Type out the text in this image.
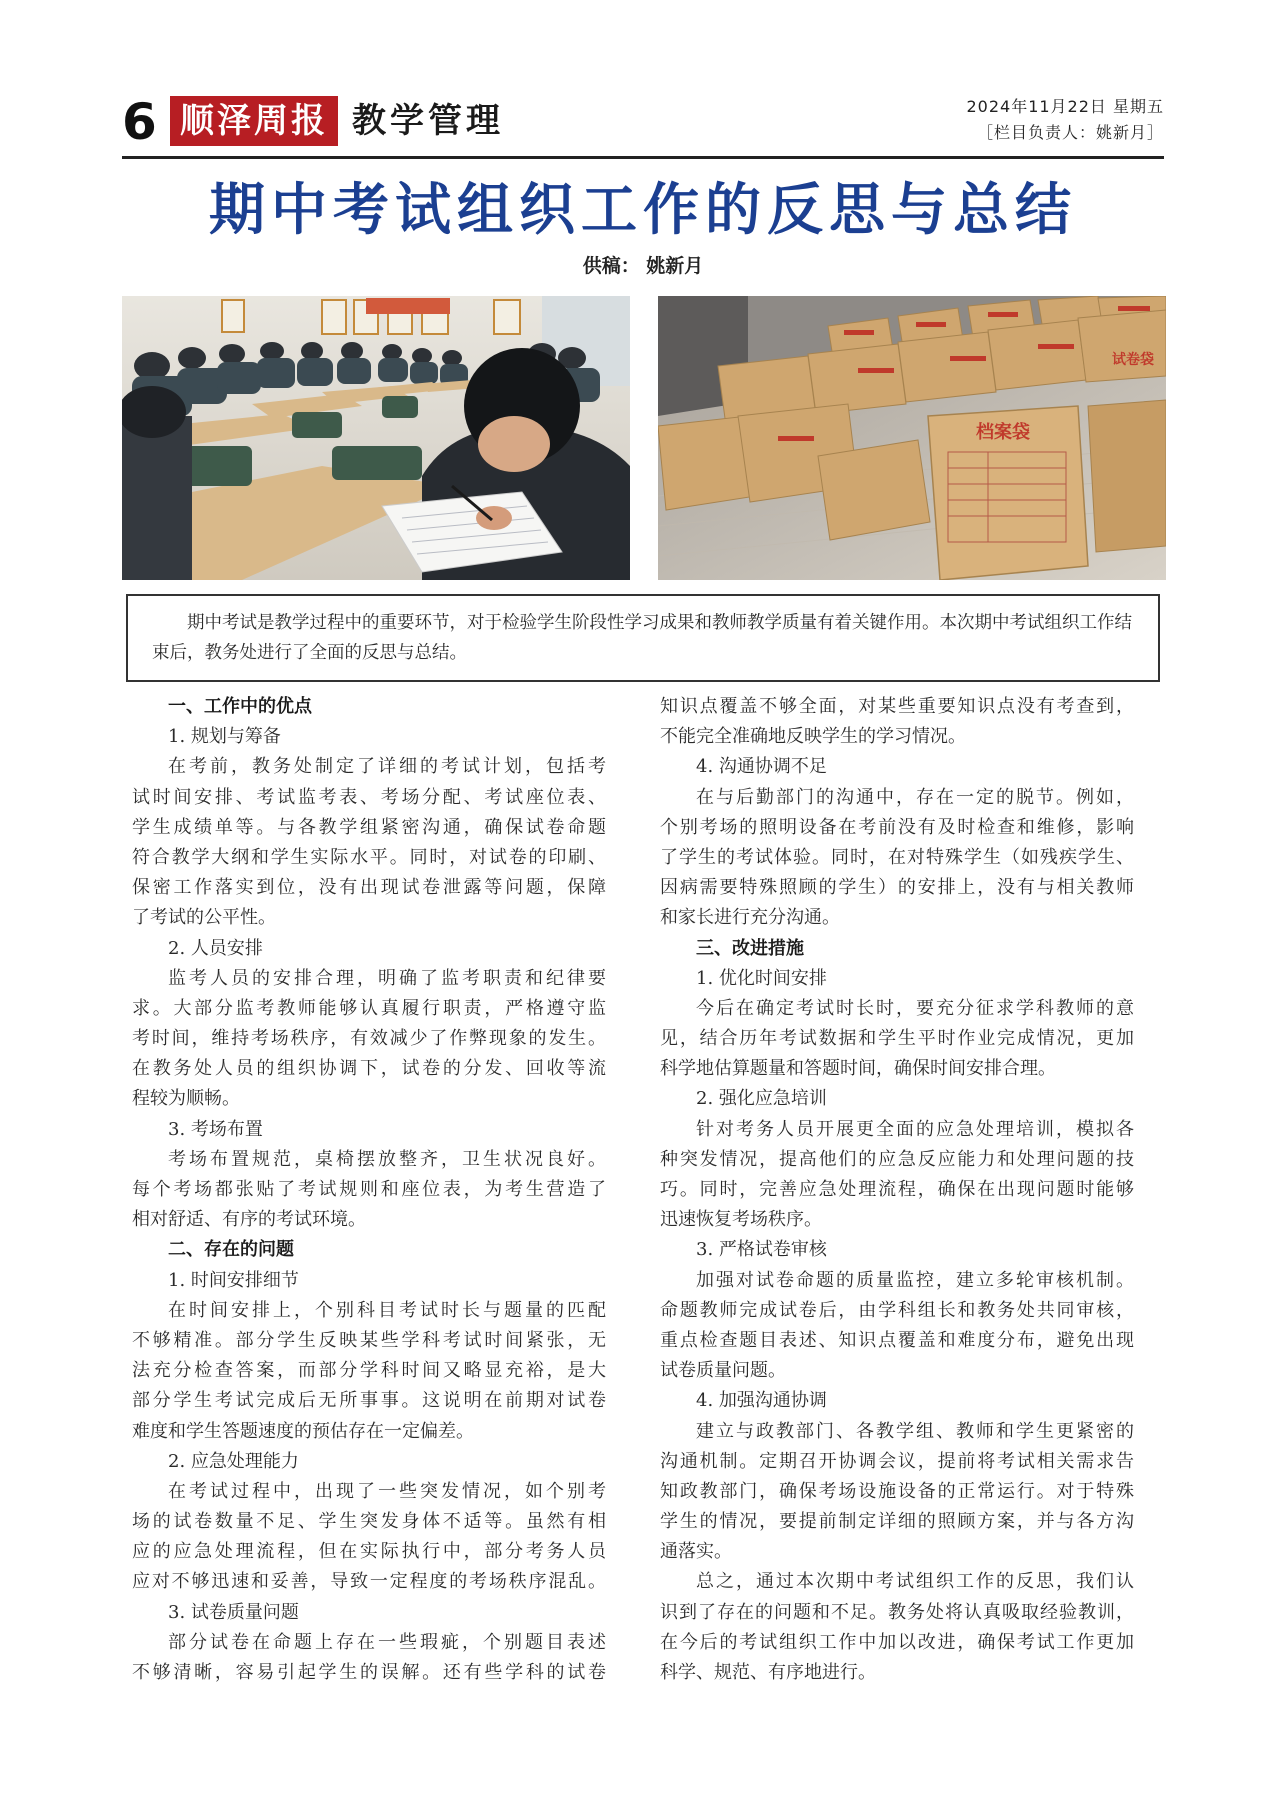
6 顺泽周报 教学管理	2024年11月22日 星期五
［栏目负责人：姚新月］
期中考试组织工作的反思与总结
供稿： 姚新月
档案袋
试卷袋

期中考试是教学过程中的重要环节，对于检验学生阶段性学习成果和教师教学质量有着关键作用。本次期中考试组织工作结束后，教务处进行了全面的反思与总结。

一、工作中的优点
1. 规划与筹备
在考前，教务处制定了详细的考试计划，包括考
试时间安排、考试监考表、考场分配、考试座位表、
学生成绩单等。与各教学组紧密沟通，确保试卷命题
符合教学大纲和学生实际水平。同时，对试卷的印刷、
保密工作落实到位，没有出现试卷泄露等问题，保障
了考试的公平性。
2. 人员安排
监考人员的安排合理，明确了监考职责和纪律要
求。大部分监考教师能够认真履行职责，严格遵守监
考时间，维持考场秩序，有效减少了作弊现象的发生。
在教务处人员的组织协调下，试卷的分发、回收等流
程较为顺畅。
3. 考场布置
考场布置规范，桌椅摆放整齐，卫生状况良好。
每个考场都张贴了考试规则和座位表，为考生营造了
相对舒适、有序的考试环境。
二、存在的问题
1. 时间安排细节
在时间安排上，个别科目考试时长与题量的匹配
不够精准。部分学生反映某些学科考试时间紧张，无
法充分检查答案，而部分学科时间又略显充裕，是大
部分学生考试完成后无所事事。这说明在前期对试卷
难度和学生答题速度的预估存在一定偏差。
2. 应急处理能力
在考试过程中，出现了一些突发情况，如个别考
场的试卷数量不足、学生突发身体不适等。虽然有相
应的应急处理流程，但在实际执行中，部分考务人员
应对不够迅速和妥善，导致一定程度的考场秩序混乱。
3. 试卷质量问题
部分试卷在命题上存在一些瑕疵，个别题目表述
不够清晰，容易引起学生的误解。还有些学科的试卷
知识点覆盖不够全面，对某些重要知识点没有考查到，
不能完全准确地反映学生的学习情况。
4. 沟通协调不足
在与后勤部门的沟通中，存在一定的脱节。例如，
个别考场的照明设备在考前没有及时检查和维修，影响
了学生的考试体验。同时，在对特殊学生（如残疾学生、
因病需要特殊照顾的学生）的安排上，没有与相关教师
和家长进行充分沟通。
三、改进措施
1. 优化时间安排
今后在确定考试时长时，要充分征求学科教师的意
见，结合历年考试数据和学生平时作业完成情况，更加
科学地估算题量和答题时间，确保时间安排合理。
2. 强化应急培训
针对考务人员开展更全面的应急处理培训，模拟各
种突发情况，提高他们的应急反应能力和处理问题的技
巧。同时，完善应急处理流程，确保在出现问题时能够
迅速恢复考场秩序。
3. 严格试卷审核
加强对试卷命题的质量监控，建立多轮审核机制。
命题教师完成试卷后，由学科组长和教务处共同审核，
重点检查题目表述、知识点覆盖和难度分布，避免出现
试卷质量问题。
4. 加强沟通协调
建立与政教部门、各教学组、教师和学生更紧密的
沟通机制。定期召开协调会议，提前将考试相关需求告
知政教部门，确保考场设施设备的正常运行。对于特殊
学生的情况，要提前制定详细的照顾方案，并与各方沟
通落实。
总之，通过本次期中考试组织工作的反思，我们认
识到了存在的问题和不足。教务处将认真吸取经验教训，
在今后的考试组织工作中加以改进，确保考试工作更加
科学、规范、有序地进行。
